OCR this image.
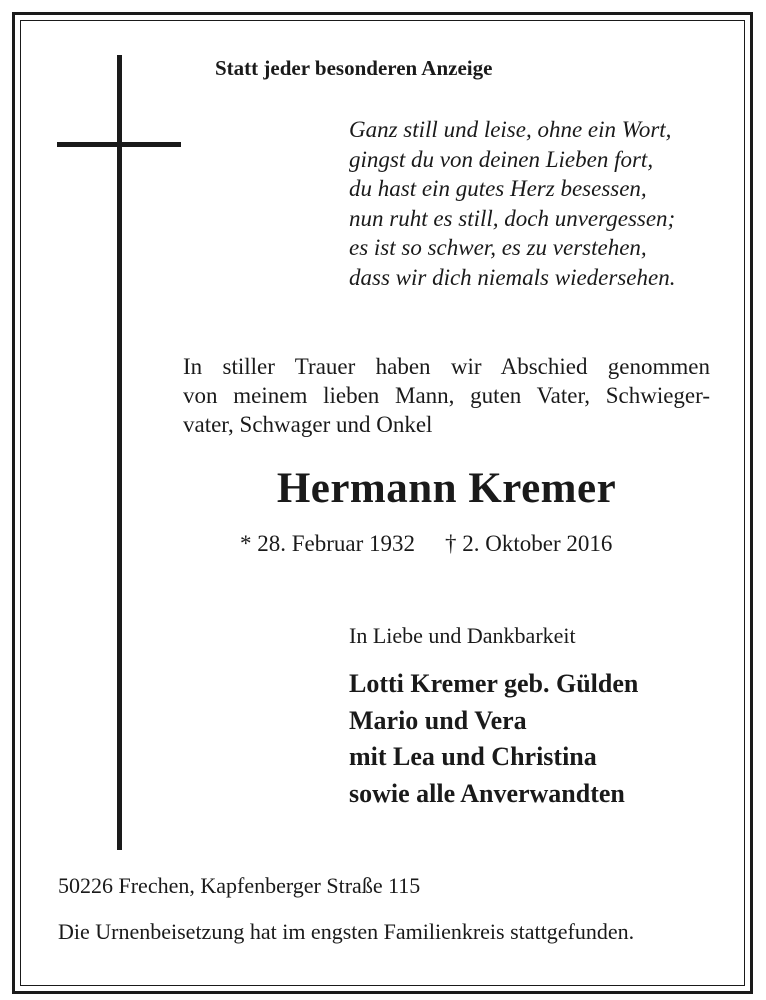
Statt jeder besonderen Anzeige
Ganz still und leise, ohne ein Wort,
gingst du von deinen Lieben fort,
du hast ein gutes Herz besessen,
nun ruht es still, doch unvergessen;
es ist so schwer, es zu verstehen,
dass wir dich niemals wiedersehen.
In stiller Trauer haben wir Abschied genommen
von meinem lieben Mann, guten Vater, Schwieger-
vater, Schwager und Onkel
Hermann Kremer
* 28. Februar 1932 † 2. Oktober 2016
In Liebe und Dankbarkeit
Lotti Kremer geb. Gülden
Mario und Vera
mit Lea und Christina
sowie alle Anverwandten
50226 Frechen, Kapfenberger Straße 115
Die Urnenbeisetzung hat im engsten Familienkreis stattgefunden.
